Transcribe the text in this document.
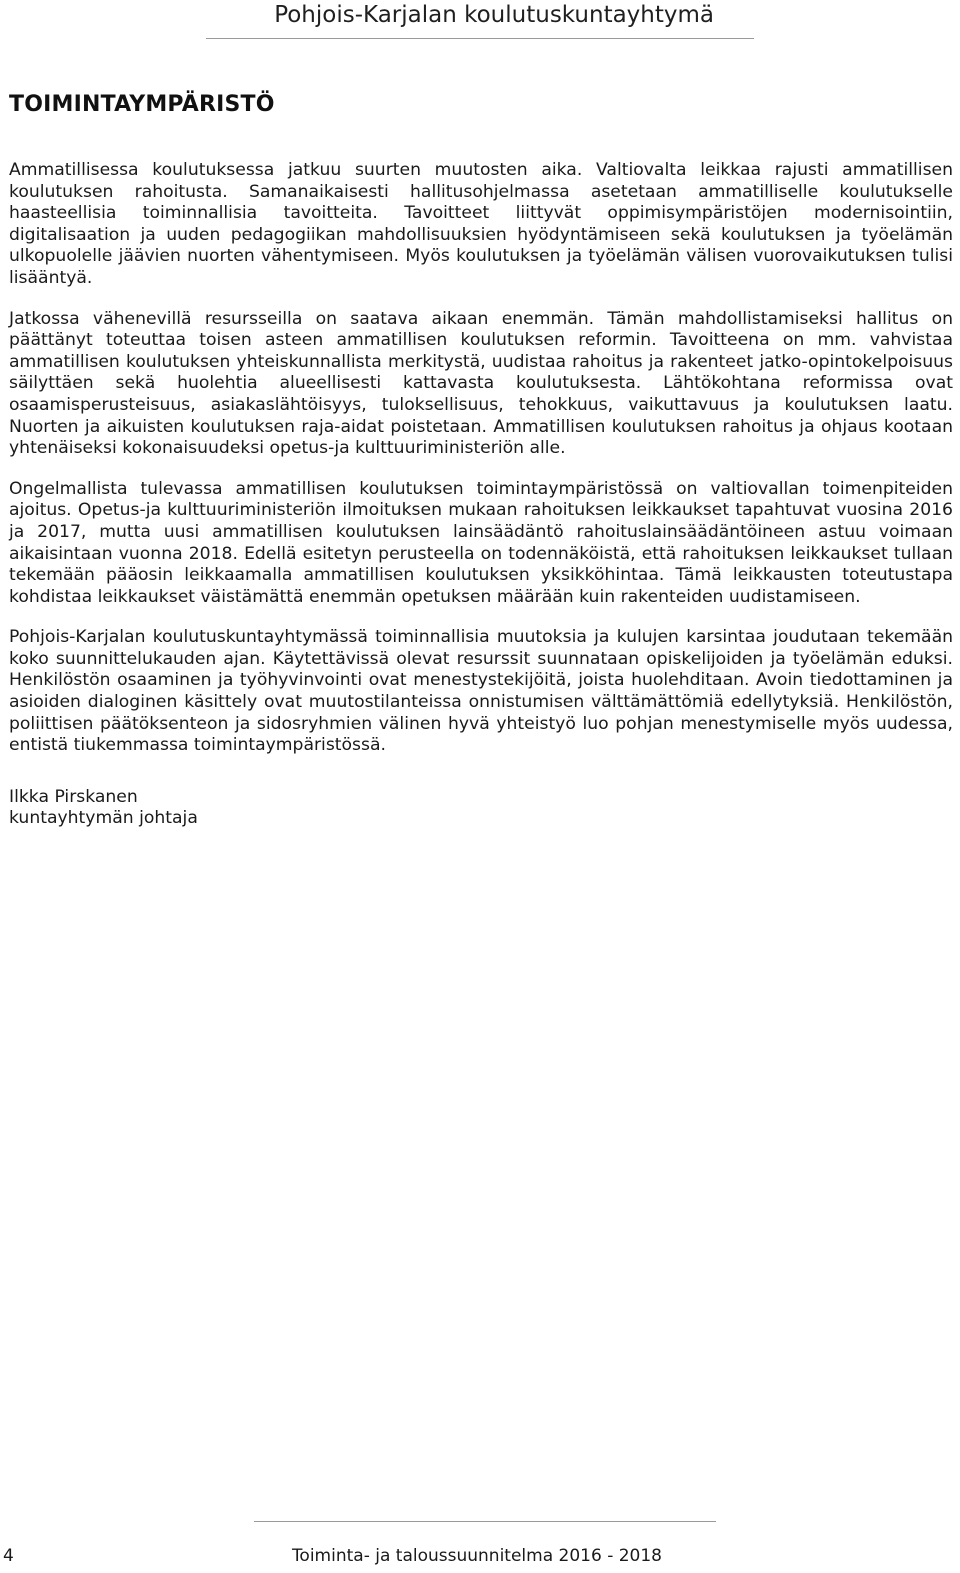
Pohjois-Karjalan koulutuskuntayhtymä
TOIMINTAYMPÄRISTÖ

Ammatillisessa koulutuksessa jatkuu suurten muutosten aika. Valtiovalta leikkaa rajusti ammatillisen koulutuksen rahoitusta. Samanaikaisesti hallitusohjelmassa asetetaan ammatilliselle koulutukselle haasteellisia toiminnallisia tavoitteita. Tavoitteet liittyvät oppimisympäristöjen modernisointiin, digitalisaation ja uuden pedagogiikan mahdollisuuksien hyödyntämiseen sekä koulutuksen ja työelämän ulkopuolelle jäävien nuorten vähentymiseen. Myös koulutuksen ja työelämän välisen vuorovaikutuksen tulisi lisääntyä.

Jatkossa vähenevillä resursseilla on saatava aikaan enemmän. Tämän mahdollistamiseksi hallitus on päättänyt toteuttaa toisen asteen ammatillisen koulutuksen reformin. Tavoitteena on mm. vahvistaa ammatillisen koulutuksen yhteiskunnallista merkitystä, uudistaa rahoitus ja rakenteet jatko-opintokelpoisuus säilyttäen sekä huolehtia alueellisesti kattavasta koulutuksesta. Lähtökohtana reformissa ovat osaamisperusteisuus, asiakaslähtöisyys, tuloksellisuus, tehokkuus, vaikuttavuus ja koulutuksen laatu. Nuorten ja aikuisten koulutuksen raja-aidat poistetaan. Ammatillisen koulutuksen rahoitus ja ohjaus kootaan yhtenäiseksi kokonaisuudeksi opetus-ja kulttuuriministeriön alle.

Ongelmallista tulevassa ammatillisen koulutuksen toimintaympäristössä on valtiovallan toimenpiteiden ajoitus. Opetus-ja kulttuuriministeriön ilmoituksen mukaan rahoituksen leikkaukset tapahtuvat vuosina 2016 ja 2017, mutta uusi ammatillisen koulutuksen lainsäädäntö rahoituslainsäädäntöineen astuu voimaan aikaisintaan vuonna 2018. Edellä esitetyn perusteella on todennäköistä, että rahoituksen leikkaukset tullaan tekemään pääosin leikkaamalla ammatillisen koulutuksen yksikköhintaa. Tämä leikkausten toteutustapa kohdistaa leikkaukset väistämättä enemmän opetuksen määrään kuin rakenteiden uudistamiseen.

Pohjois-Karjalan koulutuskuntayhtymässä toiminnallisia muutoksia ja kulujen karsintaa joudutaan tekemään koko suunnittelukauden ajan. Käytettävissä olevat resurssit suunnataan opiskelijoiden ja työelämän eduksi. Henkilöstön osaaminen ja työhyvinvointi ovat menestystekijöitä, joista huolehditaan. Avoin tiedottaminen ja asioiden dialoginen käsittely ovat muutostilanteissa onnistumisen välttämättömiä edellytyksiä. Henkilöstön, poliittisen päätöksenteon ja sidosryhmien välinen hyvä yhteistyö luo pohjan menestymiselle myös uudessa, entistä tiukemmassa toimintaympäristössä.

Ilkka Pirskanen
kuntayhtymän johtaja

4	Toiminta- ja taloussuunnitelma 2016 - 2018
